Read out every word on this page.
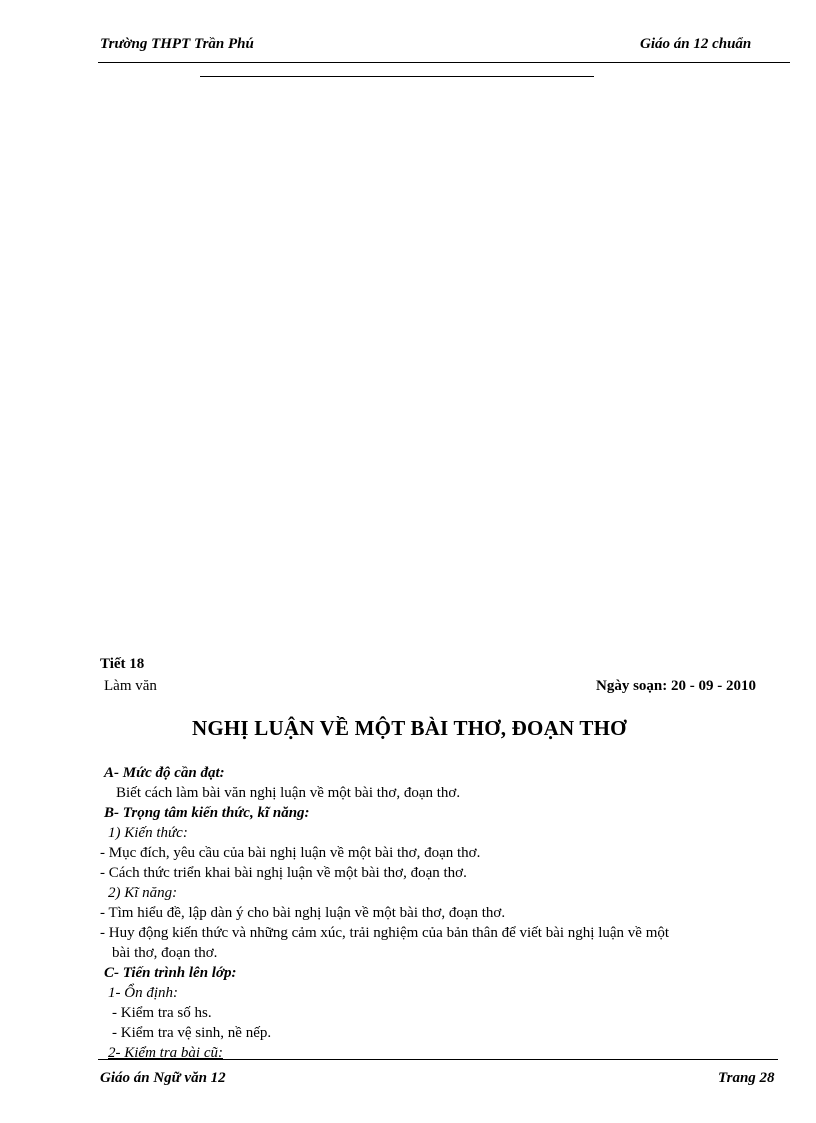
Trường THPT Trần Phú	Giáo án 12 chuẩn
Tiết 18
Làm văn	Ngày soạn: 20 - 09 - 2010
NGHỊ LUẬN VỀ MỘT BÀI THƠ, ĐOẠN THƠ
A- Mức độ cần đạt:
Biết cách làm bài văn nghị luận về một bài thơ, đoạn thơ.
B- Trọng tâm kiến thức, kĩ năng:
1) Kiến thức:
- Mục đích, yêu cầu của bài nghị luận về một bài thơ, đoạn thơ.
- Cách thức triển khai bài nghị luận về một bài thơ, đoạn thơ.
2) Kĩ năng:
- Tìm hiểu đề, lập dàn ý cho bài nghị luận về một bài thơ, đoạn thơ.
- Huy động kiến thức và những cảm xúc, trải nghiệm của bản thân để viết bài nghị luận về một
bài thơ, đoạn thơ.
C- Tiến trình lên lớp:
1- Ổn định:
- Kiểm tra số hs.
- Kiểm tra vệ sinh, nề nếp.
2- Kiểm tra bài cũ:
Giáo án Ngữ văn 12	Trang 28
